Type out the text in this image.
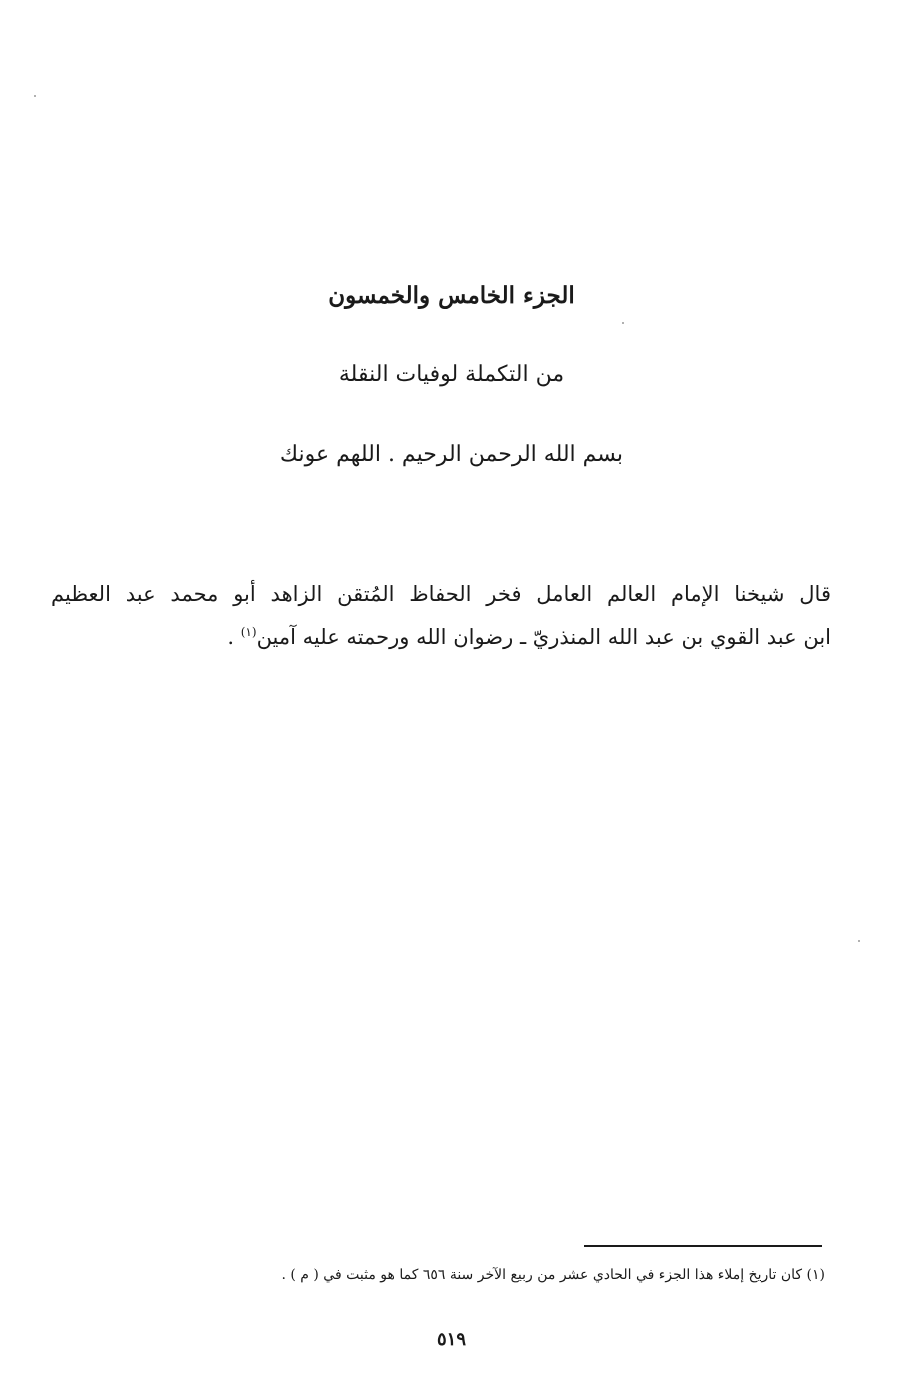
الجزء الخامس والخمسون
من التكملة لوفيات النقلة
بسم الله الرحمن الرحيم . اللهم عونك
قال شيخنا الإمام العالم العامل فخر الحفاظ المُتقن الزاهد أبو محمد عبد العظيم
ابن عبد القوي بن عبد الله المنذريّ ـ رضوان الله ورحمته عليه آمين$^{(١)}$ .
(١) كان تاريخ إملاء هذا الجزء في الحادي عشر من ربيع الآخر سنة ٦٥٦ كما هو مثبت في ( م ) .
٥١٩
